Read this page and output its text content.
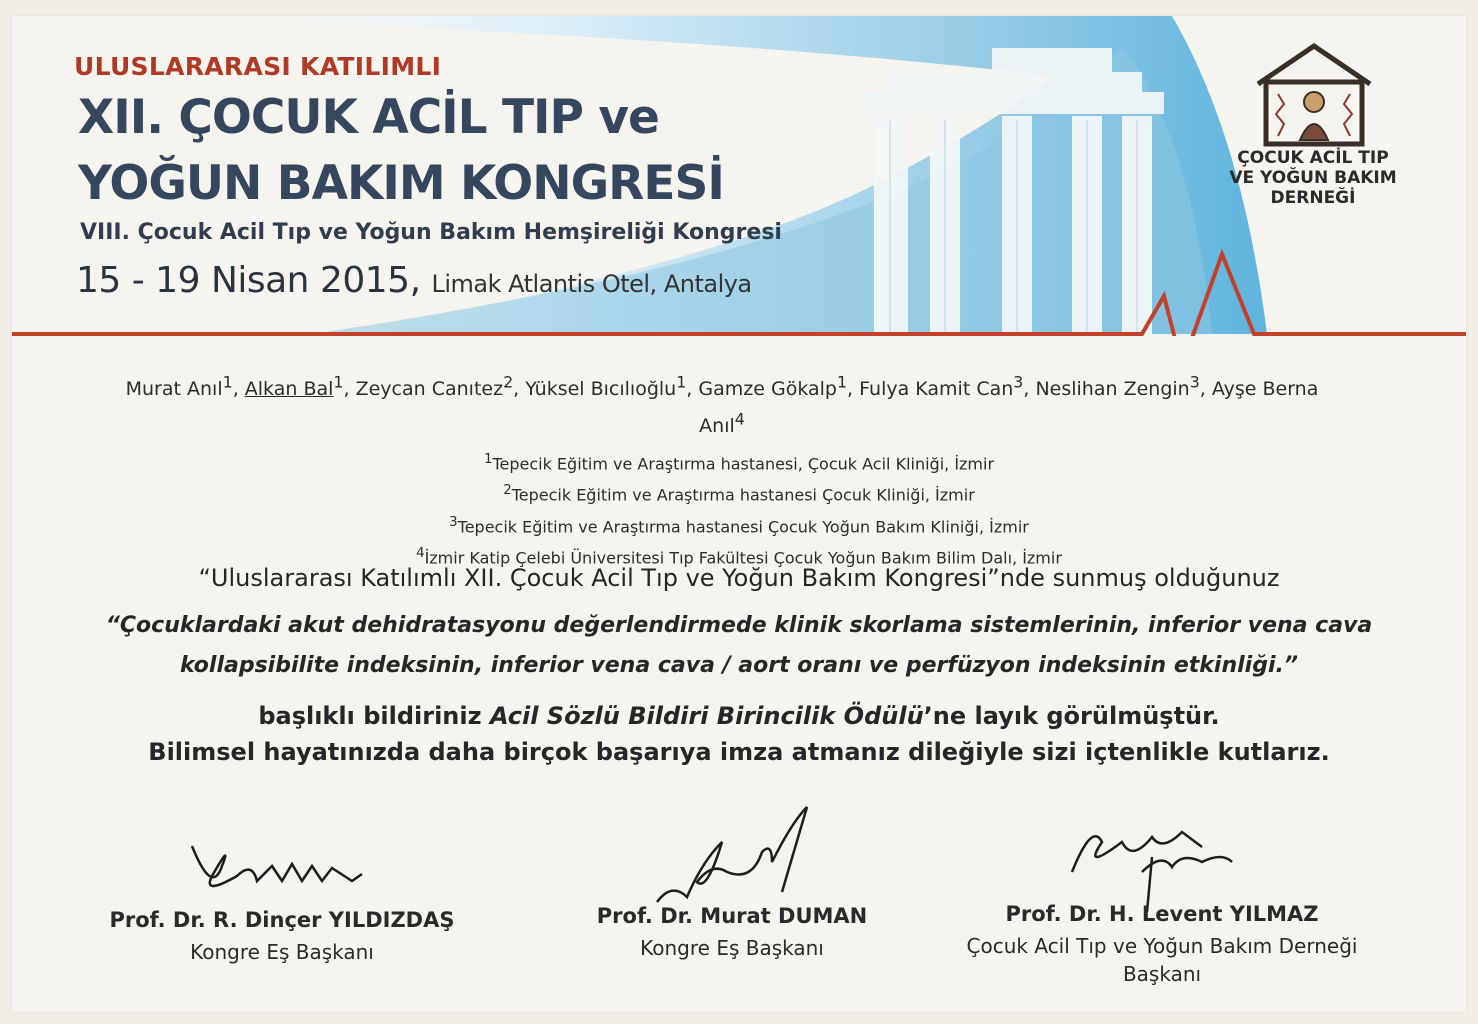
ULUSLARARASI KATILIMLI
XII. ÇOCUK ACİL TIP ve
YOĞUN BAKIM KONGRESİ
VIII. Çocuk Acil Tıp ve Yoğun Bakım Hemşireliği Kongresi
15 - 19 Nisan 2015, Limak Atlantis Otel, Antalya
ÇOCUK ACİL TIP
VE YOĞUN BAKIM
DERNEĞİ
Murat Anıl$^1$, Alkan Bal$^1$, Zeycan Canıtez$^2$, Yüksel Bıcılıoğlu$^1$, Gamze Gökalp$^1$, Fulya Kamit Can$^3$, Neslihan Zengin$^3$, Ayşe Berna Anıl$^4$
$^1$Tepecik Eğitim ve Araştırma hastanesi, Çocuk Acil Kliniği, İzmir
$^2$Tepecik Eğitim ve Araştırma hastanesi Çocuk Kliniği, İzmir
$^3$Tepecik Eğitim ve Araştırma hastanesi Çocuk Yoğun Bakım Kliniği, İzmir
$^4$İzmir Katip Çelebi Üniversitesi Tıp Fakültesi Çocuk Yoğun Bakım Bilim Dalı, İzmir
“Uluslararası Katılımlı XII. Çocuk Acil Tıp ve Yoğun Bakım Kongresi”nde sunmuş olduğunuz
“Çocuklardaki akut dehidratasyonu değerlendirmede klinik skorlama sistemlerinin, inferior vena cava
kollapsibilite indeksinin, inferior vena cava / aort oranı ve perfüzyon indeksinin etkinliği.”
başlıklı bildiriniz Acil Sözlü Bildiri Birincilik Ödülü’ne layık görülmüştür.
Bilimsel hayatınızda daha birçok başarıya imza atmanız dileğiyle sizi içtenlikle kutlarız.
Prof. Dr. R. Dinçer YILDIZDAŞ
Kongre Eş Başkanı
Prof. Dr. Murat DUMAN
Kongre Eş Başkanı
Prof. Dr. H. Levent YILMAZ
Çocuk Acil Tıp ve Yoğun Bakım Derneği
Başkanı
